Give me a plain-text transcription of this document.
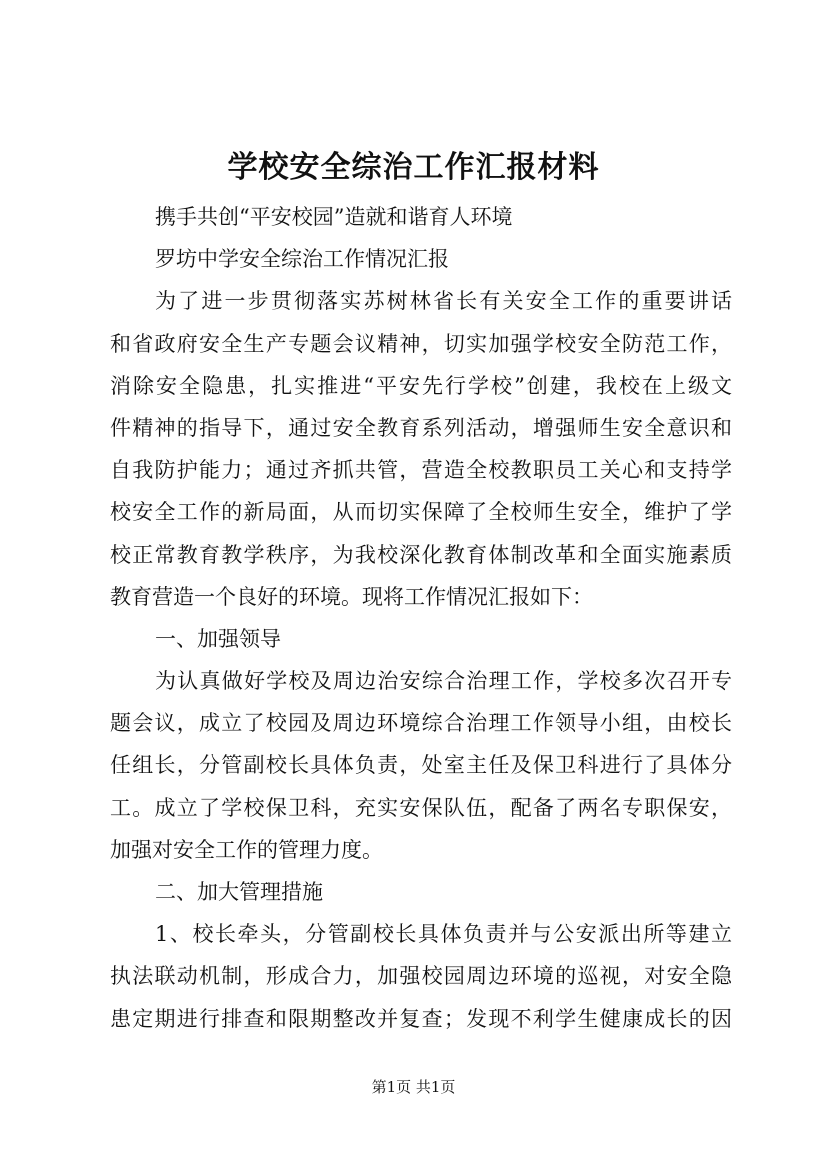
学校安全综治工作汇报材料
携手共创“平安校园”造就和谐育人环境
罗坊中学安全综治工作情况汇报
为了进一步贯彻落实苏树林省长有关安全工作的重要讲话
和省政府安全生产专题会议精神，切实加强学校安全防范工作，
消除安全隐患，扎实推进“平安先行学校”创建，我校在上级文
件精神的指导下，通过安全教育系列活动，增强师生安全意识和
自我防护能力；通过齐抓共管，营造全校教职员工关心和支持学
校安全工作的新局面，从而切实保障了全校师生安全，维护了学
校正常教育教学秩序，为我校深化教育体制改革和全面实施素质
教育营造一个良好的环境。现将工作情况汇报如下：
一、加强领导
为认真做好学校及周边治安综合治理工作，学校多次召开专
题会议，成立了校园及周边环境综合治理工作领导小组，由校长
任组长，分管副校长具体负责，处室主任及保卫科进行了具体分
工。成立了学校保卫科，充实安保队伍，配备了两名专职保安，
加强对安全工作的管理力度。
二、加大管理措施
1、校长牵头，分管副校长具体负责并与公安派出所等建立
执法联动机制，形成合力，加强校园周边环境的巡视，对安全隐
患定期进行排查和限期整改并复查；发现不利学生健康成长的因
第1页 共1页
